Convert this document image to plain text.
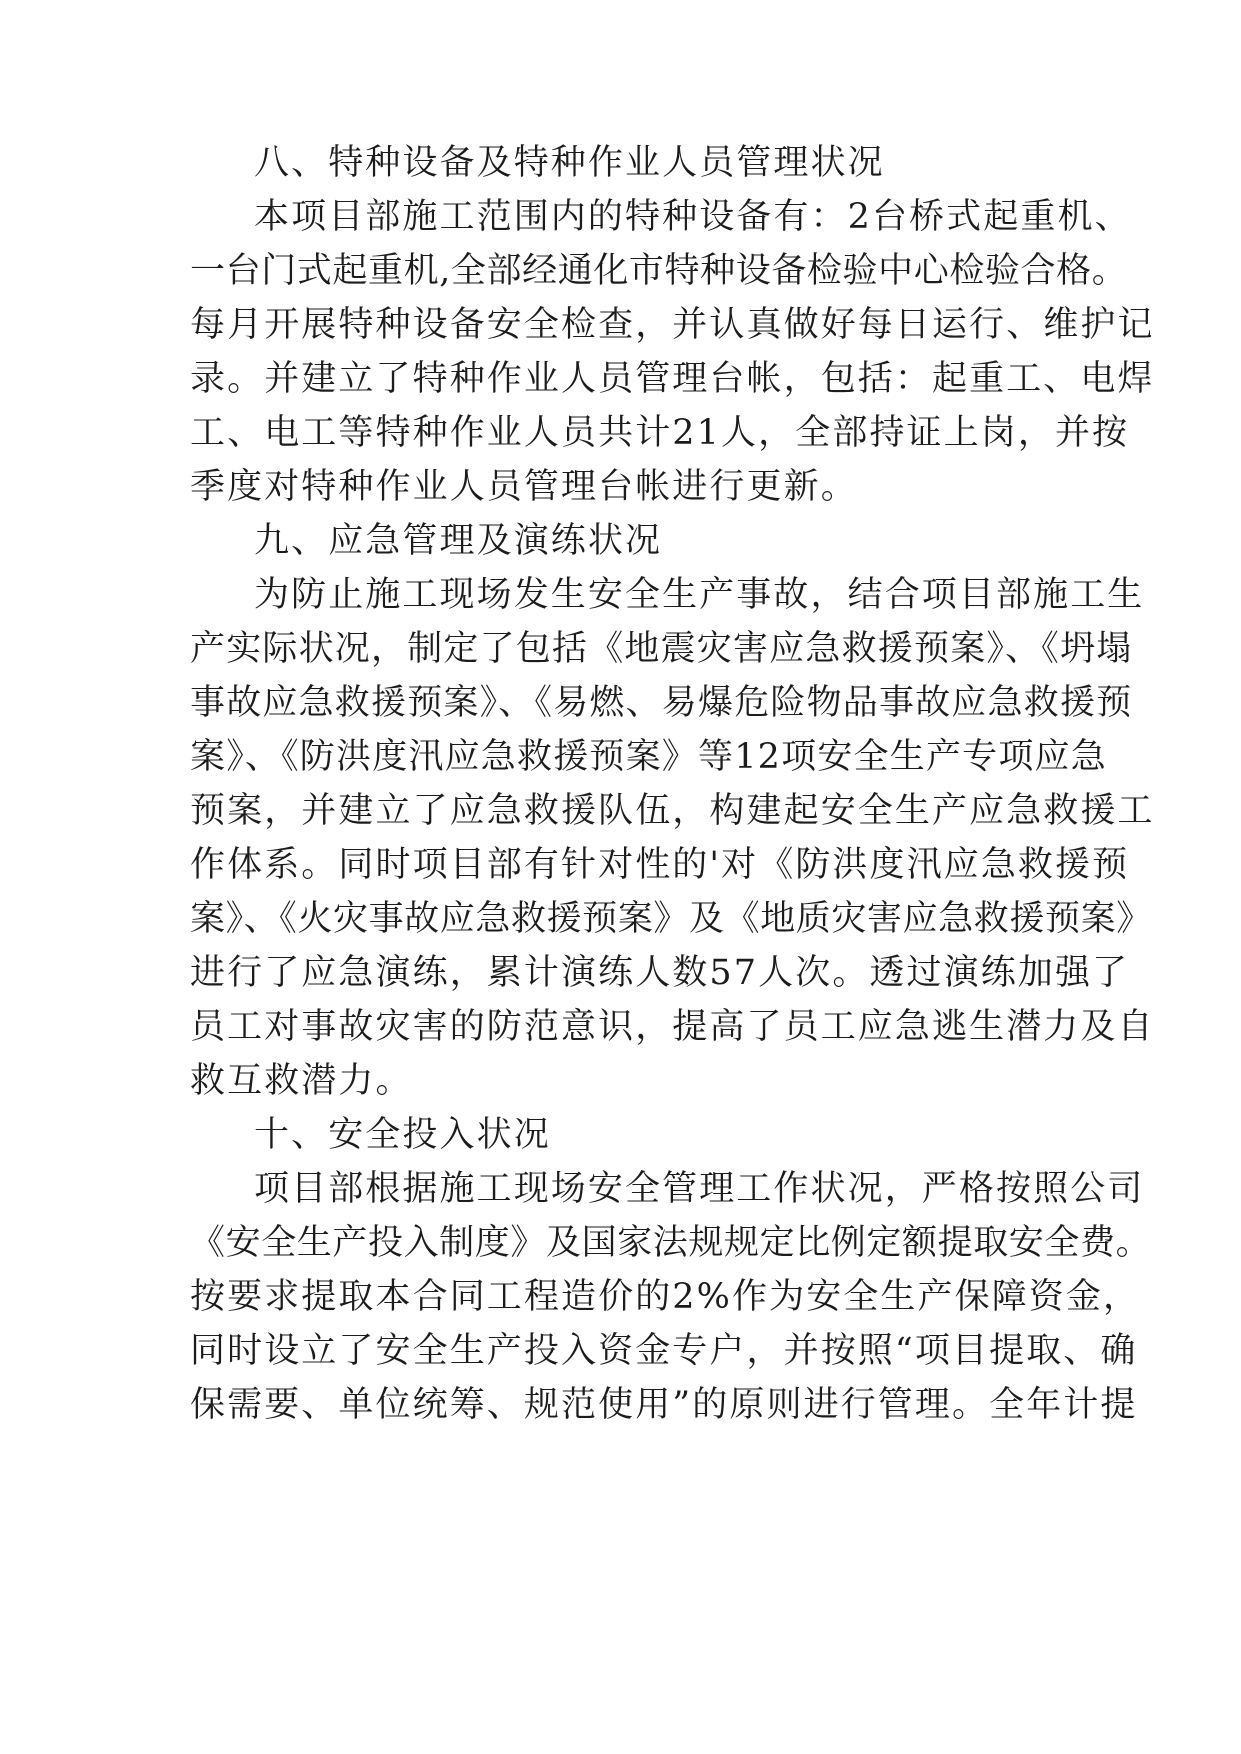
八、特种设备及特种作业人员管理状况

本项目部施工范围内的特种设备有：2台桥式起重机、

一台门式起重机,全部经通化市特种设备检验中心检验合格。

每月开展特种设备安全检查，并认真做好每日运行、维护记

录。并建立了特种作业人员管理台帐，包括：起重工、电焊

工、电工等特种作业人员共计21人，全部持证上岗，并按

季度对特种作业人员管理台帐进行更新。

九、应急管理及演练状况

为防止施工现场发生安全生产事故，结合项目部施工生

产实际状况，制定了包括《地震灾害应急救援预案》、《坍塌

事故应急救援预案》、《易燃、易爆危险物品事故应急救援预

案》、《防洪度汛应急救援预案》等12项安全生产专项应急

预案，并建立了应急救援队伍，构建起安全生产应急救援工

作体系。同时项目部有针对性的'对《防洪度汛应急救援预

案》、《火灾事故应急救援预案》及《地质灾害应急救援预案》

进行了应急演练，累计演练人数57人次。透过演练加强了

员工对事故灾害的防范意识，提高了员工应急逃生潜力及自

救互救潜力。

十、安全投入状况

项目部根据施工现场安全管理工作状况，严格按照公司

《安全生产投入制度》及国家法规规定比例定额提取安全费。

按要求提取本合同工程造价的2%作为安全生产保障资金，

同时设立了安全生产投入资金专户，并按照“项目提取、确

保需要、单位统筹、规范使用”的原则进行管理。全年计提
